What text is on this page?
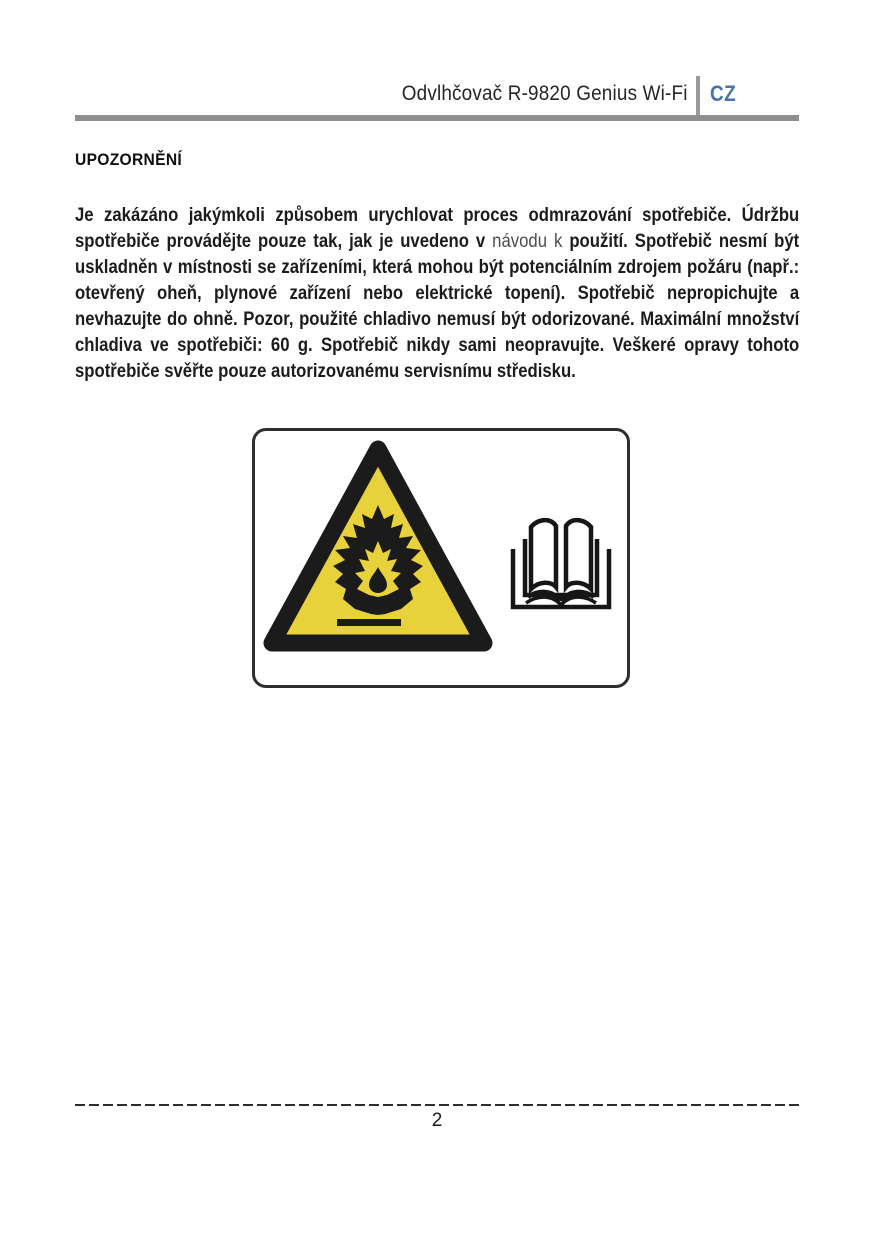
Odvlhčovač R-9820 Genius Wi-Fi CZ
UPOZORNĚNÍ

Je zakázáno jakýmkoli způsobem urychlovat proces odmrazování spotřebiče. Údržbu spotřebiče provádějte pouze tak, jak je uvedeno v návodu k použití. Spotřebič nesmí být uskladněn v místnosti se zařízeními, která mohou být potenciálním zdrojem požáru (např.: otevřený oheň, plynové zařízení nebo elektrické topení). Spotřebič nepropichujte a nevhazujte do ohně. Pozor, použité chladivo nemusí být odorizované. Maximální množství chladiva ve spotřebiči: 60 g. Spotřebič nikdy sami neopravujte. Veškeré opravy tohoto spotřebiče svěřte pouze autorizovanému servisnímu středisku.

2
